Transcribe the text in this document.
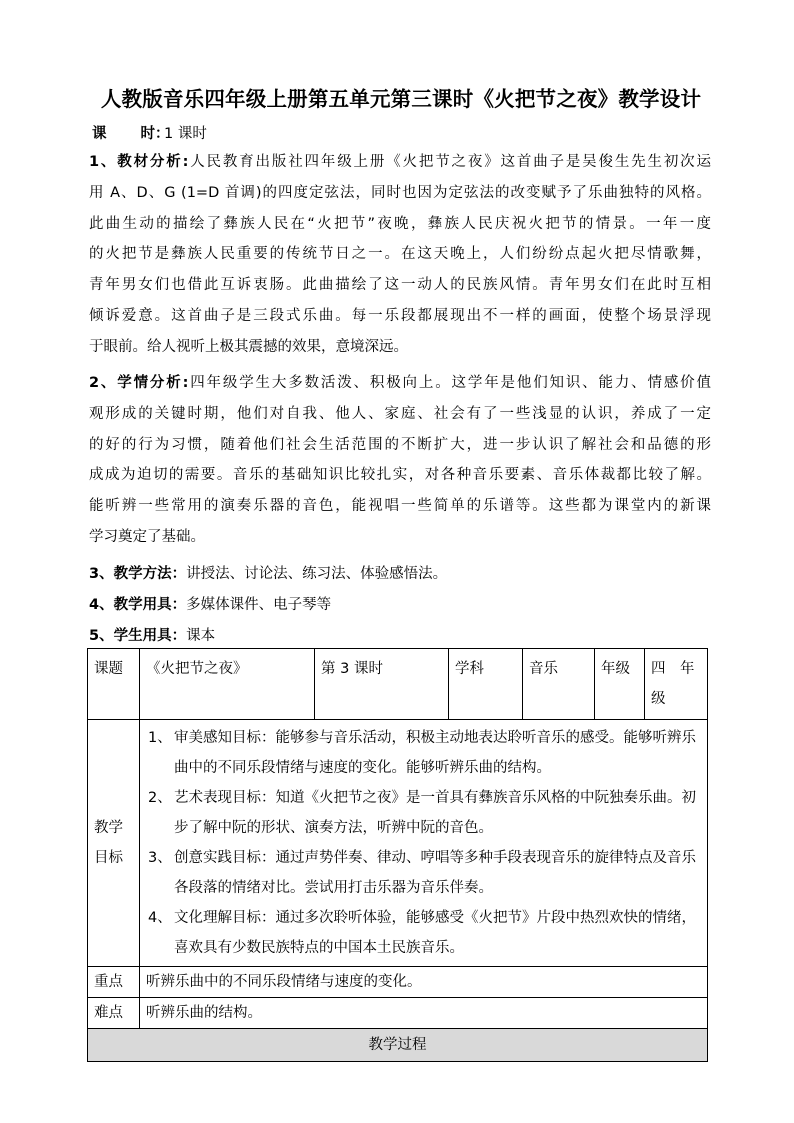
人教版音乐四年级上册第五单元第三课时《火把节之夜》教学设计
课 时：1 课时
1、教材分析:人民教育出版社四年级上册《火把节之夜》这首曲子是吴俊生先生初次运
用 A、D、G (1=D 首调)的四度定弦法，同时也因为定弦法的改变赋予了乐曲独特的风格。
此曲生动的描绘了彝族人民在“火把节”夜晚，彝族人民庆祝火把节的情景。一年一度
的火把节是彝族人民重要的传统节日之一。在这天晚上，人们纷纷点起火把尽情歌舞，
青年男女们也借此互诉衷肠。此曲描绘了这一动人的民族风情。青年男女们在此时互相
倾诉爱意。这首曲子是三段式乐曲。每一乐段都展现出不一样的画面，使整个场景浮现
于眼前。给人视听上极其震撼的效果，意境深远。
2、学情分析:四年级学生大多数活泼、积极向上。这学年是他们知识、能力、情感价值
观形成的关键时期，他们对自我、他人、家庭、社会有了一些浅显的认识，养成了一定
的好的行为习惯，随着他们社会生活范围的不断扩大，进一步认识了解社会和品德的形
成成为迫切的需要。音乐的基础知识比较扎实，对各种音乐要素、音乐体裁都比较了解。
能听辨一些常用的演奏乐器的音色，能视唱一些简单的乐谱等。这些都为课堂内的新课
学习奠定了基础。
3、教学方法：讲授法、讨论法、练习法、体验感悟法。
4、教学用具：多媒体课件、电子琴等
5、学生用具：课本
课题	《火把节之夜》	第 3 课时	学科	音乐	年级	四　年级
教学目标	1、 审美感知目标：能够参与音乐活动，积极主动地表达聆听音乐的感受。能够听辨乐曲中的不同乐段情绪与速度的变化。能够听辨乐曲的结构。
2、 艺术表现目标：知道《火把节之夜》是一首具有彝族音乐风格的中阮独奏乐曲。初步了解中阮的形状、演奏方法，听辨中阮的音色。
3、 创意实践目标：通过声势伴奏、律动、哼唱等多种手段表现音乐的旋律特点及音乐各段落的情绪对比。尝试用打击乐器为音乐伴奏。
4、 文化理解目标：通过多次聆听体验，能够感受《火把节》片段中热烈欢快的情绪，喜欢具有少数民族特点的中国本土民族音乐。					

重点	听辨乐曲中的不同乐段情绪与速度的变化。					
难点	听辨乐曲的结构。					
教学过程						
